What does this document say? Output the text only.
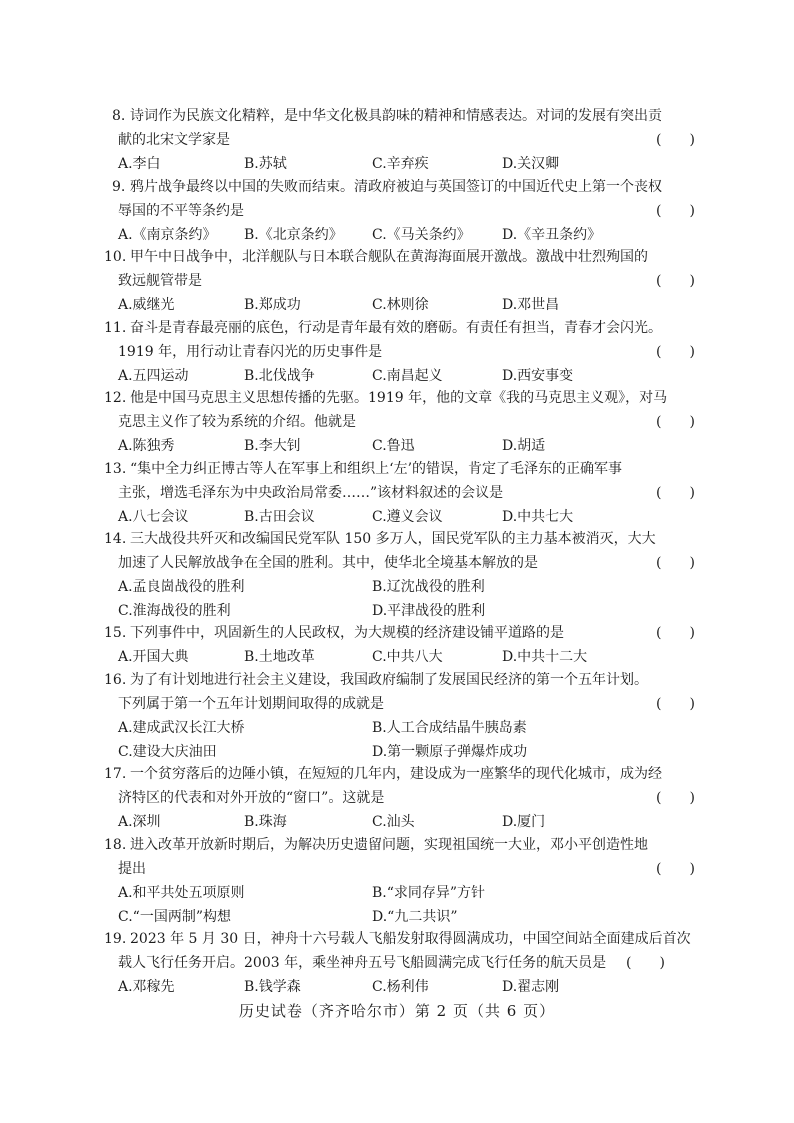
8. 诗词作为民族文化精粹，是中华文化极具韵味的精神和情感表达。对词的发展有突出贡
献的北宋文学家是	(　　)
A.李白	B.苏轼	C.辛弃疾	D.关汉卿
9. 鸦片战争最终以中国的失败而结束。清政府被迫与英国签订的中国近代史上第一个丧权
辱国的不平等条约是	(　　)
A.《南京条约》 B.《北京条约》 C.《马关条约》 D.《辛丑条约》
10. 甲午中日战争中，北洋舰队与日本联合舰队在黄海海面展开激战。激战中壮烈殉国的
致远舰管带是	(　　)
A.威继光	B.郑成功	C.林则徐	D.邓世昌
11. 奋斗是青春最亮丽的底色，行动是青年最有效的磨砺。有责任有担当，青春才会闪光。
1919 年，用行动让青春闪光的历史事件是	(　　)
A.五四运动	B.北伐战争	C.南昌起义	D.西安事变
12. 他是中国马克思主义思想传播的先驱。1919 年，他的文章《我的马克思主义观》，对马
克思主义作了较为系统的介绍。他就是	(　　)
A.陈独秀	B.李大钊	C.鲁迅	D.胡适
13. “集中全力纠正博古等人在军事上和组织上‘左’的错误，肯定了毛泽东的正确军事
主张，增选毛泽东为中央政治局常委……”该材料叙述的会议是	(　　)
A.八七会议	B.古田会议	C.遵义会议	D.中共七大
14. 三大战役共歼灭和改编国民党军队 150 多万人，国民党军队的主力基本被消灭，大大
加速了人民解放战争在全国的胜利。其中，使华北全境基本解放的是	(　　)
A.孟良崮战役的胜利	B.辽沈战役的胜利
C.淮海战役的胜利	D.平津战役的胜利
15. 下列事件中，巩固新生的人民政权，为大规模的经济建设铺平道路的是	(　　)
A.开国大典	B.土地改革	C.中共八大	D.中共十二大
16. 为了有计划地进行社会主义建设，我国政府编制了发展国民经济的第一个五年计划。
下列属于第一个五年计划期间取得的成就是	(　　)
A.建成武汉长江大桥	B.人工合成结晶牛胰岛素
C.建设大庆油田	D.第一颗原子弹爆炸成功
17. 一个贫穷落后的边陲小镇，在短短的几年内，建设成为一座繁华的现代化城市，成为经
济特区的代表和对外开放的“窗口”。这就是	(　　)
A.深圳	B.珠海	C.汕头	D.厦门
18. 进入改革开放新时期后，为解决历史遗留问题，实现祖国统一大业，邓小平创造性地
提出	(　　)
A.和平共处五项原则	B.“求同存异”方针
C.“一国两制”构想	D.“九二共识”
19. 2023 年 5 月 30 日，神舟十六号载人飞船发射取得圆满成功，中国空间站全面建成后首次
载人飞行任务开启。2003 年，乘坐神舟五号飞船圆满完成飞行任务的航天员是 (　　)
A.邓稼先	B.钱学森	C.杨利伟	D.翟志刚
历史试卷（齐齐哈尔市）第 2 页（共 6 页）
